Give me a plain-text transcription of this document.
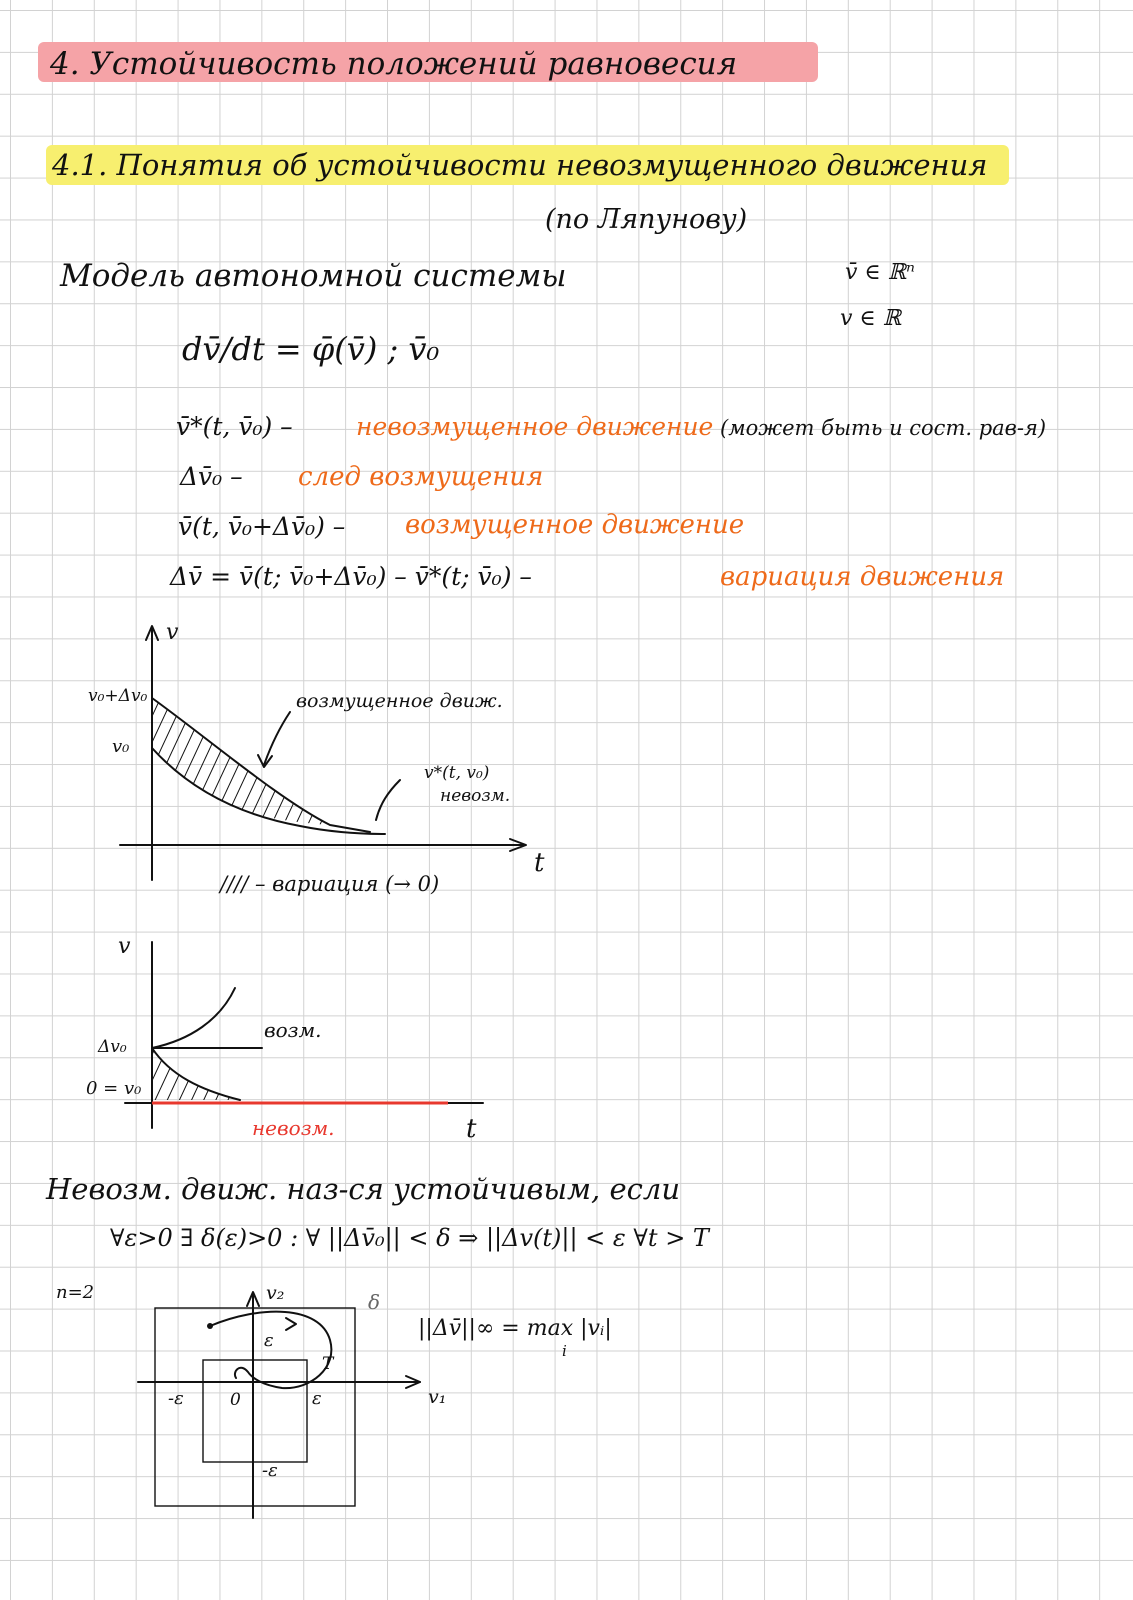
4. Устойчивость положений равновесия
4.1. Понятия об устойчивости невозмущенного движения
(по Ляпунову)
Модель автономной системы	v̄ ∈ ℝⁿ
v ∈ ℝ
dv̄/dt = φ̄(v̄) ; v̄₀
v̄*(t, v̄₀) –	невозмущенное движение (может быть и сост. рав-я)
Δv̄₀ – след возмущения
v̄(t, v̄₀+Δv̄₀) – возмущенное движение
Δv̄ = v̄(t; v̄₀+Δv̄₀) – v̄*(t; v̄₀) –	вариация движения
v
t
v₀+Δv₀
v₀
возмущенное движ.
v*(t, v₀)
невозм.
//// – вариация (→ 0)
v
t
Δv₀
0 = v₀
возм.
невозм.
Невозм. движ. наз-ся устойчивым, если
∀ε>0 ∃ δ(ε)>0 : ∀ ||Δv̄₀|| < δ ⇒ ||Δv(t)|| < ε ∀t > T
n=2	v₂
v₁
δ
ε
-ε	ε
-ε
0
T
||Δv̄||∞ = max |vᵢ|
i
